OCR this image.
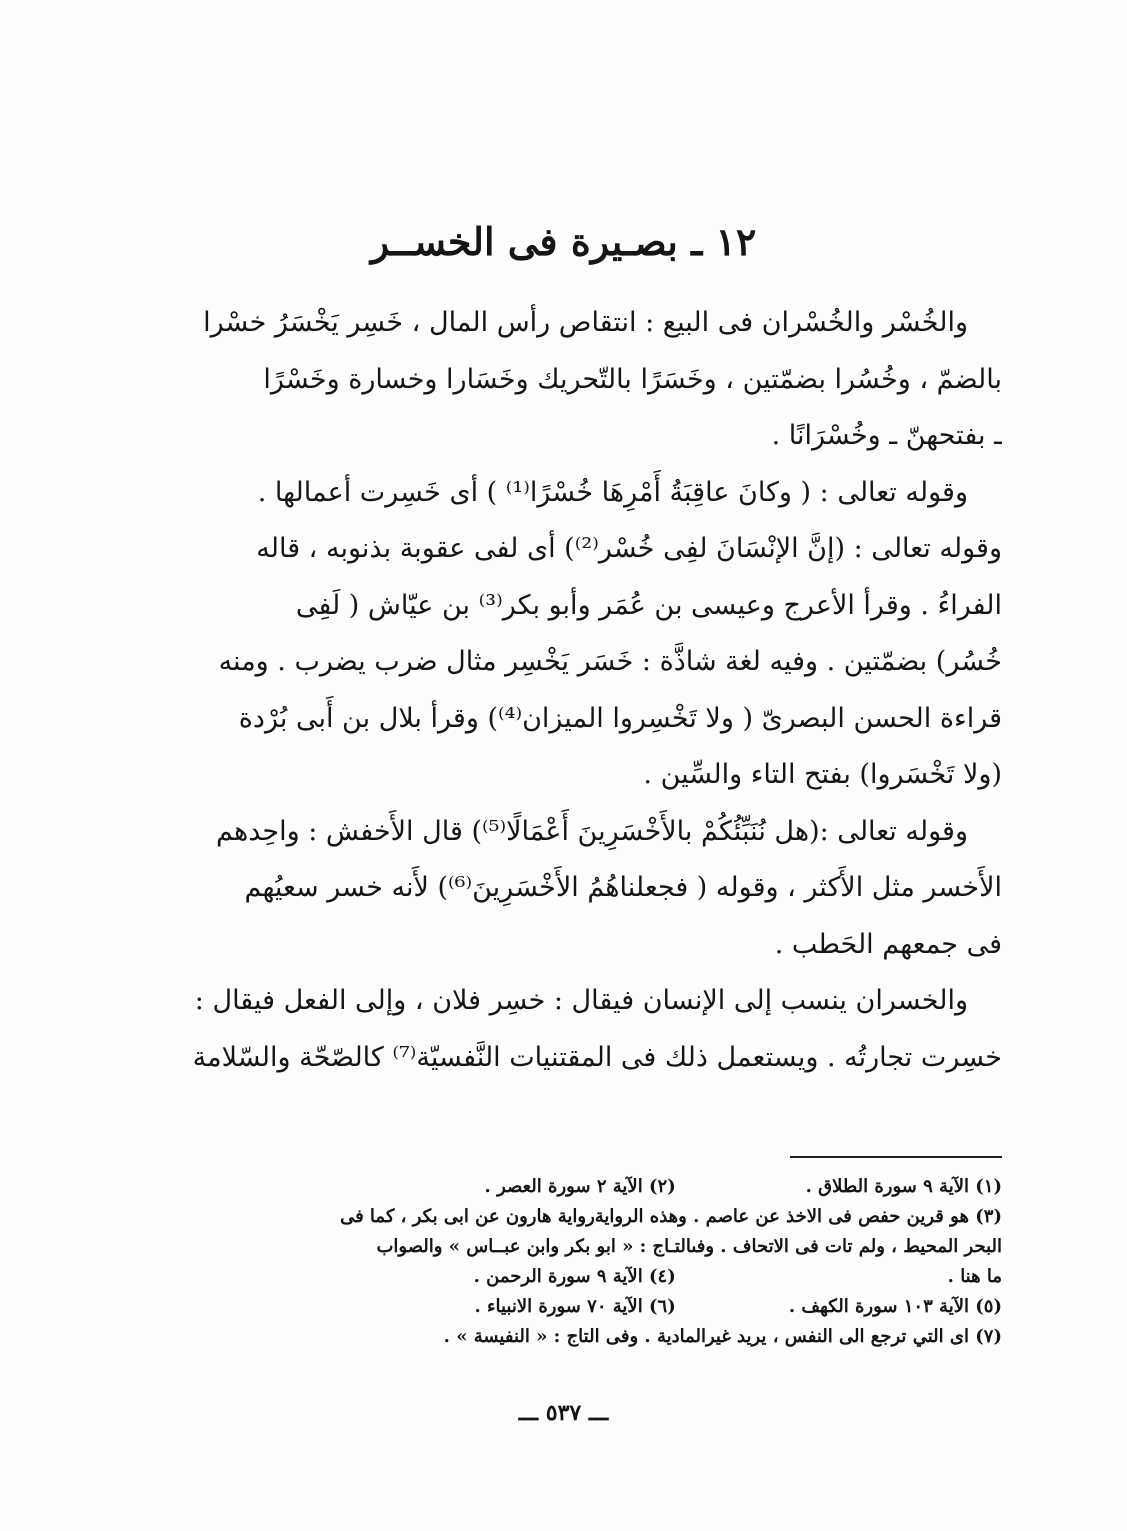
١٢ ـ بصـيرة فى الخســر

والخُسْر والخُسْران فى البيع : انتقاص رأس المال ، خَسِر يَخْسَرُ خسْرا
بالضمّ ، وخُسُرا بضمّتين ، وخَسَرًا بالتّحريك وخَسَارا وخسارة وخَسْرًا
ـ بفتحهنّ ـ وخُسْرَانًا .

وقوله تعالى : ( وكانَ عاقِبَةُ أَمْرِهَا خُسْرًا⁽¹⁾ ) أى خَسِرت أعمالها .

وقوله تعالى : (إنَّ الإنْسَانَ لفِى خُسْر⁽²⁾) أى لفى عقوبة بذنوبه ، قاله
الفراءُ . وقرأ الأعرج وعيسى بن عُمَر وأبو بكر⁽³⁾ بن عيّاش ( لَفِى
خُسُر) بضمّتين . وفيه لغة شاذَّة : خَسَر يَخْسِر مثال ضرب يضرب . ومنه
قراءة الحسن البصرىّ ( ولا تَخْسِروا الميزان⁽⁴⁾) وقرأ بلال بن أَبى بُرْدة
(ولا تَخْسَروا) بفتح التاء والسِّين .

وقوله تعالى :(هل نُنَبِّئُكُمْ بالأَخْسَرِينَ أَعْمَالًا⁽⁵⁾) قال الأَخفش : واحِدهم
الأَخسر مثل الأَكثر ، وقوله ( فجعلناهُمُ الأَخْسَرِينَ⁽⁶⁾) لأَنه خسر سعيُهم
فى جمعهم الحَطب .

والخسران ينسب إلى الإنسان فيقال : خسِر فلان ، وإلى الفعل فيقال :
خسِرت تجارتُه . ويستعمل ذلك فى المقتنيات النَّفسيّة⁽⁷⁾ كالصّحّة والسّلامة

(١) الآية ٩ سورة الطلاق . (٢) الآية ٢ سورة العصر .
(٣) هو قرين حفص فى الاخذ عن عاصم . وهذه الروايةرواية هارون عن ابى بكر ، كما فى
البحر المحيط ، ولم تات فى الاتحاف . وفىالتـاج : « ابو بكر وابن عبــاس » والصواب
ما هنا . (٤) الآية ٩ سورة الرحمن .
(٥) الآية ١٠٣ سورة الكهف . (٦) الآية ٧٠ سورة الانبياء .
(٧) اى التي ترجع الى النفس ، يريد غيرالمادية . وفى التاج : « النفيسة » .
ـــ ٥٣٧ ـــ
